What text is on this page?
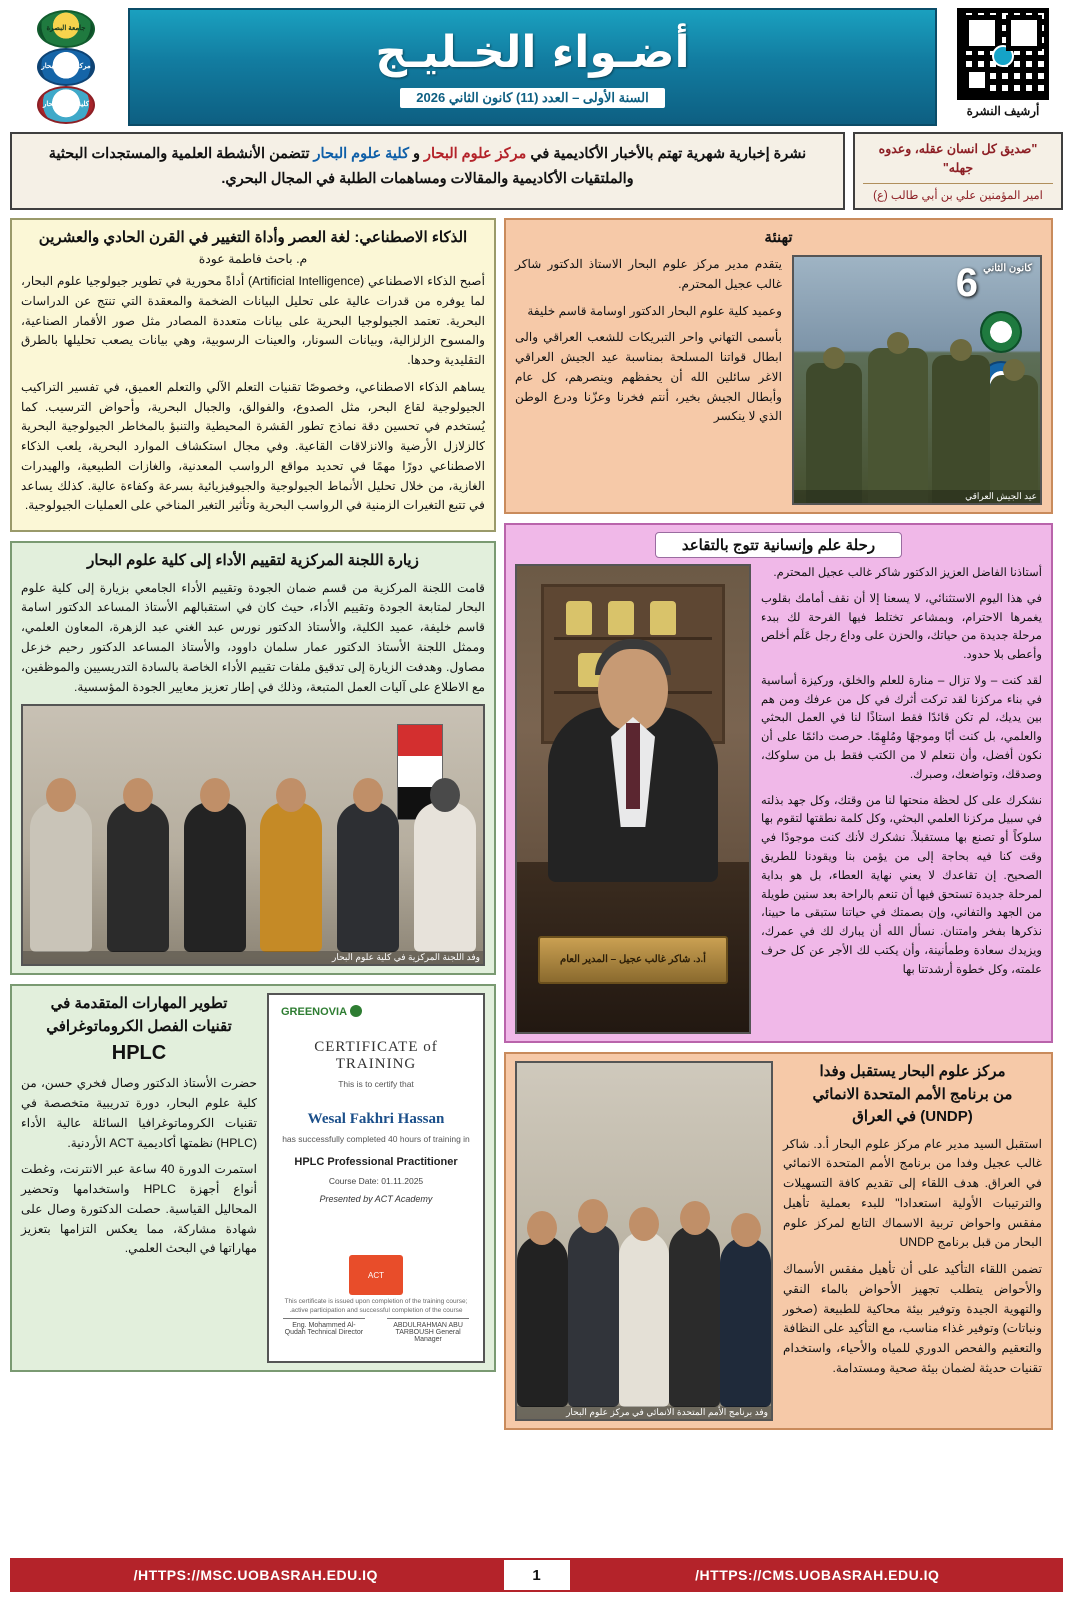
جامعة البصرة
مركز علوم البحار
كلية علوم البحار
أضـواء الخـليـج
السنة الأولى – العدد (11) كانون الثاني 2026
أرشيف النشرة
نشرة إخبارية شهرية تهتم بالأخبار الأكاديمية في مركز علوم البحار و كلية علوم البحار تتضمن الأنشطة العلمية والمستجدات البحثية والملتقيات الأكاديمية والمقالات ومساهمات الطلبة في المجال البحري.
"صديق كل انسان عقله، وعدوه جهله"
امير المؤمنين علي بن أبي طالب (ع)
الذكاء الاصطناعي: لغة العصر وأداة التغيير في القرن الحادي والعشرين
م. باحث فاطمة عودة

أصبح الذكاء الاصطناعي (Artificial Intelligence) أداةً محورية في تطوير جيولوجيا علوم البحار، لما يوفره من قدرات عالية على تحليل البيانات الضخمة والمعقدة التي تنتج عن الدراسات البحرية. تعتمد الجيولوجيا البحرية على بيانات متعددة المصادر مثل صور الأقمار الصناعية، والمسوح الزلزالية، وبيانات السونار، والعينات الرسوبية، وهي بيانات يصعب تحليلها بالطرق التقليدية وحدها.

يساهم الذكاء الاصطناعي، وخصوصًا تقنيات التعلم الآلي والتعلم العميق، في تفسير التراكيب الجيولوجية لقاع البحر، مثل الصدوع، والفوالق، والجبال البحرية، وأحواض الترسيب. كما يُستخدم في تحسين دقة نماذج تطور القشرة المحيطية والتنبؤ بالمخاطر الجيولوجية البحرية كالزلازل الأرضية والانزلاقات القاعية. وفي مجال استكشاف الموارد البحرية، يلعب الذكاء الاصطناعي دورًا مهمًا في تحديد مواقع الرواسب المعدنية، والغازات الطبيعية، والهيدرات الغازية، من خلال تحليل الأنماط الجيولوجية والجيوفيزيائية بسرعة وكفاءة عالية. كذلك يساعد في تتبع التغيرات الزمنية في الرواسب البحرية وتأثير التغير المناخي على العمليات الجيولوجية.

زيارة اللجنة المركزية لتقييم الأداء إلى كلية علوم البحار

قامت اللجنة المركزية من قسم ضمان الجودة وتقييم الأداء الجامعي بزيارة إلى كلية علوم البحار لمتابعة الجودة وتقييم الأداء، حيث كان في استقبالهم الأستاذ المساعد الدكتور اسامة قاسم خليفة، عميد الكلية، والأستاذ الدكتور نورس عبد الغني عبد الزهرة، المعاون العلمي، وممثل اللجنة الأستاذ الدكتور عمار سلمان داوود، والأستاذ المساعد الدكتور رحيم خزعل مصاول. وهدفت الزيارة إلى تدقيق ملفات تقييم الأداء الخاصة بالسادة التدريسيين والموظفين، مع الاطلاع على آليات العمل المتبعة، وذلك في إطار تعزيز معايير الجودة المؤسسية.

وفد اللجنة المركزية في كلية علوم البحار
تطوير المهارات المتقدمة في
تقنيات الفصل الكروماتوغرافي
HPLC

حضرت الأستاذ الدكتور وصال فخري حسن، من كلية علوم البحار، دورة تدريبية متخصصة في تقنيات الكروماتوغرافيا السائلة عالية الأداء (HPLC) نظمتها أكاديمية ACT الأردنية.

استمرت الدورة 40 ساعة عبر الانترنت، وغطت أنواع أجهزة HPLC واستخدامها وتحضير المحاليل القياسية. حصلت الدكتورة وصال على شهادة مشاركة، مما يعكس التزامها بتعزيز مهاراتها في البحث العلمي.

GREENOVIA
CERTIFICATE of TRAINING
This is to certify that
Wesal Fakhri Hassan
has successfully completed 40 hours of training in
HPLC Professional Practitioner
Course Date: 01.11.2025
Presented by ACT Academy
ACT
This certificate is issued upon completion of the training course; active participation and successful completion of the course.
ABDULRAHMAN ABU TARBOUSH General Manager
Eng. Mohammed Al-Qudah Technical Director
تهنئة

يتقدم مدير مركز علوم البحار الاستاذ الدكتور شاكر غالب عجيل المحترم.

وعميد كلية علوم البحار الدكتور اوسامة قاسم خليفة

بأسمى التهاني واحر التبريكات للشعب العراقي والى ابطال قواتنا المسلحة بمناسبة عيد الجيش العراقي الاغر سائلين الله أن يحفظهم وينصرهم، كل عام وأبطال الجيش بخير، أنتم فخرنا وعزّنا ودرع الوطن الذي لا ينكسر

كانون الثاني
6
عيد الجيش العراقي
رحلة علم وإنسانية تتوج بالتقاعد
أ.د. شاكر غالب عجيل – المدير العام

أستاذنا الفاضل العزيز الدكتور شاكر غالب عجيل المحترم.

في هذا اليوم الاستثنائي، لا يسعنا إلا أن نقف أمامك بقلوب يغمرها الاحترام، وبمشاعر تختلط فيها الفرحة لك ببدء مرحلة جديدة من حياتك، والحزن على وداع رجل عَلَم أخلص وأعطى بلا حدود.

لقد كنت – ولا تزال – منارة للعلم والخلق، وركيزة أساسية في بناء مركزنا لقد تركت أثرك في كل من عرفك ومن هم بين يديك، لم تكن قائدًا فقط استاذًا لنا في العمل البحثي والعلمي، بل كنت أبًا وموجهًا ومُلهِمًا. حرصت دائمًا على أن نكون أفضل، وأن نتعلم لا من الكتب فقط بل من سلوكك، وصدقك، وتواضعك، وصبرك.

نشكرك على كل لحظة منحتها لنا من وقتك، وكل جهد بذلته في سبيل مركزنا العلمي البحثي، وكل كلمة نطقتها لتقوم بها سلوكاً أو تصنع بها مستقبلاً. نشكرك لأنك كنت موجودًا في وقت كنا فيه بحاجة إلى من يؤمن بنا ويقودنا للطريق الصحيح. إن تقاعدك لا يعني نهاية العطاء، بل هو بداية لمرحلة جديدة تستحق فيها أن تنعم بالراحة بعد سنين طويلة من الجهد والتفاني، وإن بصمتك في حياتنا ستبقى ما حيينا، نذكرها بفخر وامتنان. نسأل الله أن يبارك لك في عمرك، ويزيدك سعادة وطمأنينة، وأن يكتب لك الأجر عن كل حرف علمته، وكل خطوة أرشدتنا بها

وفد برنامج الأمم المتحدة الانمائي في مركز علوم البحار
مركز علوم البحار يستقبل وفدا
من برنامج الأمم المتحدة الانمائي
(UNDP) في العراق

استقبل السيد مدير عام مركز علوم البحار أ.د. شاكر غالب عجيل وفدا من برنامج الأمم المتحدة الانمائي في العراق. هدف اللقاء إلى تقديم كافة التسهيلات والترتيبات الأولية استعدادا" للبدء بعملية تأهيل مفقس واحواض تربية الاسماك التابع لمركز علوم البحار من قبل برنامج UNDP

تضمن اللقاء التأكيد على أن تأهيل مفقس الأسماك والأحواض يتطلب تجهيز الأحواض بالماء النقي والتهوية الجيدة وتوفير بيئة محاكية للطبيعة (صخور ونباتات) وتوفير غذاء مناسب، مع التأكيد على النظافة والتعقيم والفحص الدوري للمياه والأحياء، واستخدام تقنيات حديثة لضمان بيئة صحية ومستدامة.

HTTPS://MSC.UOBASRAH.EDU.IQ/	1	HTTPS://CMS.UOBASRAH.EDU.IQ/
